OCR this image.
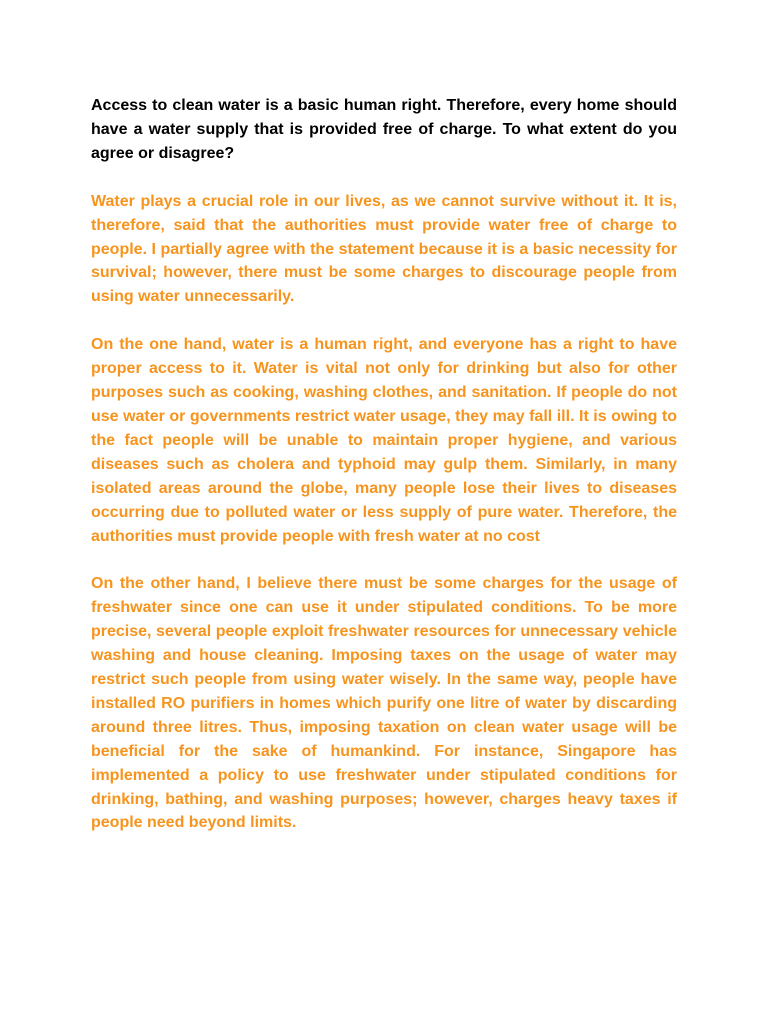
Access to clean water is a basic human right. Therefore, every home should have a water supply that is provided free of charge. To what extent do you agree or disagree?

Water plays a crucial role in our lives, as we cannot survive without it. It is, therefore, said that the authorities must provide water free of charge to people. I partially agree with the statement because it is a basic necessity for survival; however, there must be some charges to discourage people from using water unnecessarily.

On the one hand, water is a human right, and everyone has a right to have proper access to it. Water is vital not only for drinking but also for other purposes such as cooking, washing clothes, and sanitation. If people do not use water or governments restrict water usage, they may fall ill. It is owing to the fact people will be unable to maintain proper hygiene, and various diseases such as cholera and typhoid may gulp them. Similarly, in many isolated areas around the globe, many people lose their lives to diseases occurring due to polluted water or less supply of pure water. Therefore, the authorities must provide people with fresh water at no cost

On the other hand, I believe there must be some charges for the usage of freshwater since one can use it under stipulated conditions. To be more precise, several people exploit freshwater resources for unnecessary vehicle washing and house cleaning. Imposing taxes on the usage of water may restrict such people from using water wisely. In the same way, people have installed RO purifiers in homes which purify one litre of water by discarding around three litres. Thus, imposing taxation on clean water usage will be beneficial for the sake of humankind. For instance, Singapore has implemented a policy to use freshwater under stipulated conditions for drinking, bathing, and washing purposes; however, charges heavy taxes if people need beyond limits.
